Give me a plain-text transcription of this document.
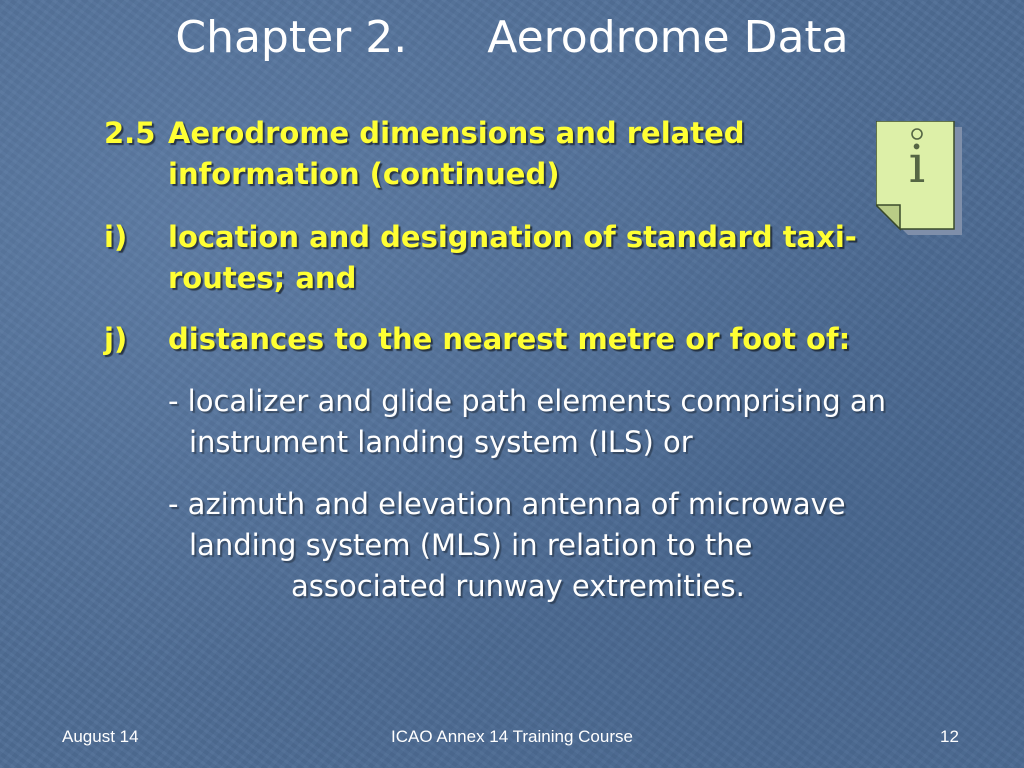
Chapter 2. Aerodrome Data
2.5 Aerodrome dimensions and related
information (continued)
i) location and designation of standard taxi-
routes; and
j) distances to the nearest metre or foot of:
- localizer and glide path elements comprising an
instrument landing system (ILS) or
- azimuth and elevation antenna of microwave
landing system (MLS) in relation to the
associated runway extremities.
i
August 14	ICAO Annex 14 Training Course	12
